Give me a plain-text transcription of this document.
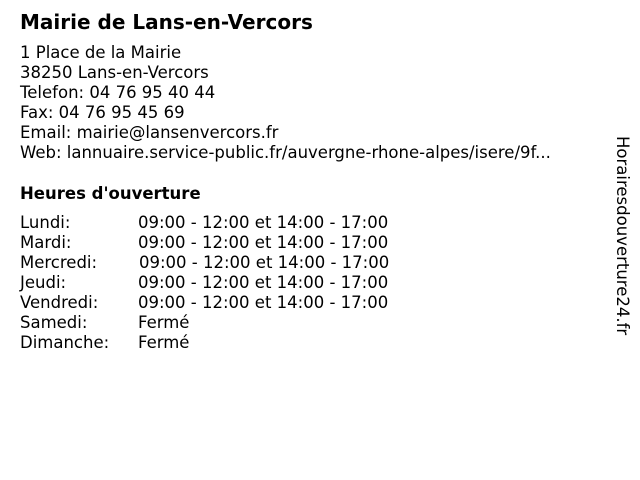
Mairie de Lans-en-Vercors
1 Place de la Mairie
38250 Lans-en-Vercors
Telefon: 04 76 95 40 44
Fax: 04 76 95 45 69
Email: mairie@lansenvercors.fr
Web: lannuaire.service-public.fr/auvergne-rhone-alpes/isere/9f...
Heures d'ouverture
Lundi:	09:00 - 12:00 et 14:00 - 17:00
Mardi:	09:00 - 12:00 et 14:00 - 17:00
Mercredi:	09:00 - 12:00 et 14:00 - 17:00
Jeudi:	09:00 - 12:00 et 14:00 - 17:00
Vendredi: 09:00 - 12:00 et 14:00 - 17:00
Samedi:	Fermé
Dimanche: Fermé
Horairesdouverture24.fr
